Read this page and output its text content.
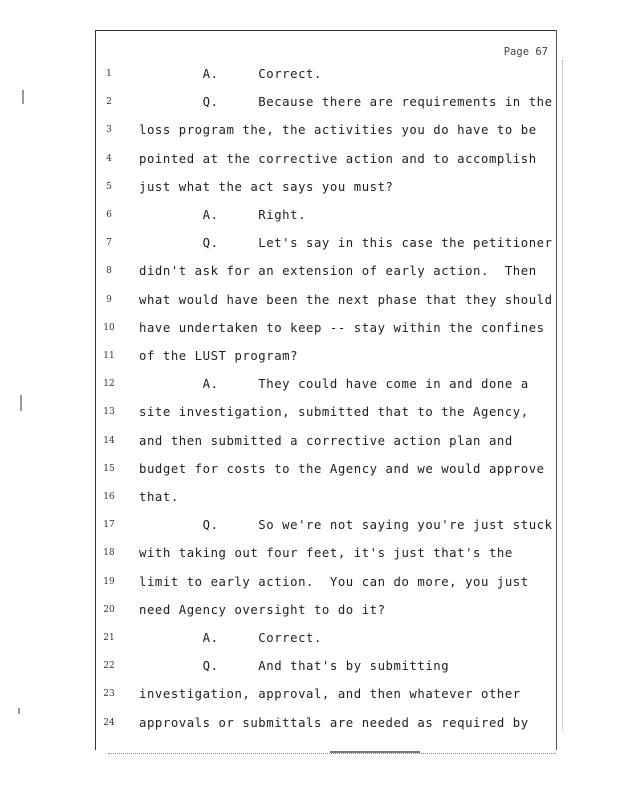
Page 67
1	A.     Correct.
2	Q.     Because there are requirements in the
3	loss program the, the activities you do have to be
4	pointed at the corrective action and to accomplish
5	just what the act says you must?
6	A.     Right.
7	Q.     Let's say in this case the petitioner
8	didn't ask for an extension of early action.  Then
9	what would have been the next phase that they should
10	have undertaken to keep -- stay within the confines
11	of the LUST program?
12	A.     They could have come in and done a
13	site investigation, submitted that to the Agency,
14	and then submitted a corrective action plan and
15	budget for costs to the Agency and we would approve
16	that.
17	Q.     So we're not saying you're just stuck
18	with taking out four feet, it's just that's the
19	limit to early action.  You can do more, you just
20	need Agency oversight to do it?
21	A.     Correct.
22	Q.     And that's by submitting
23	investigation, approval, and then whatever other
24	approvals or submittals are needed as required by
